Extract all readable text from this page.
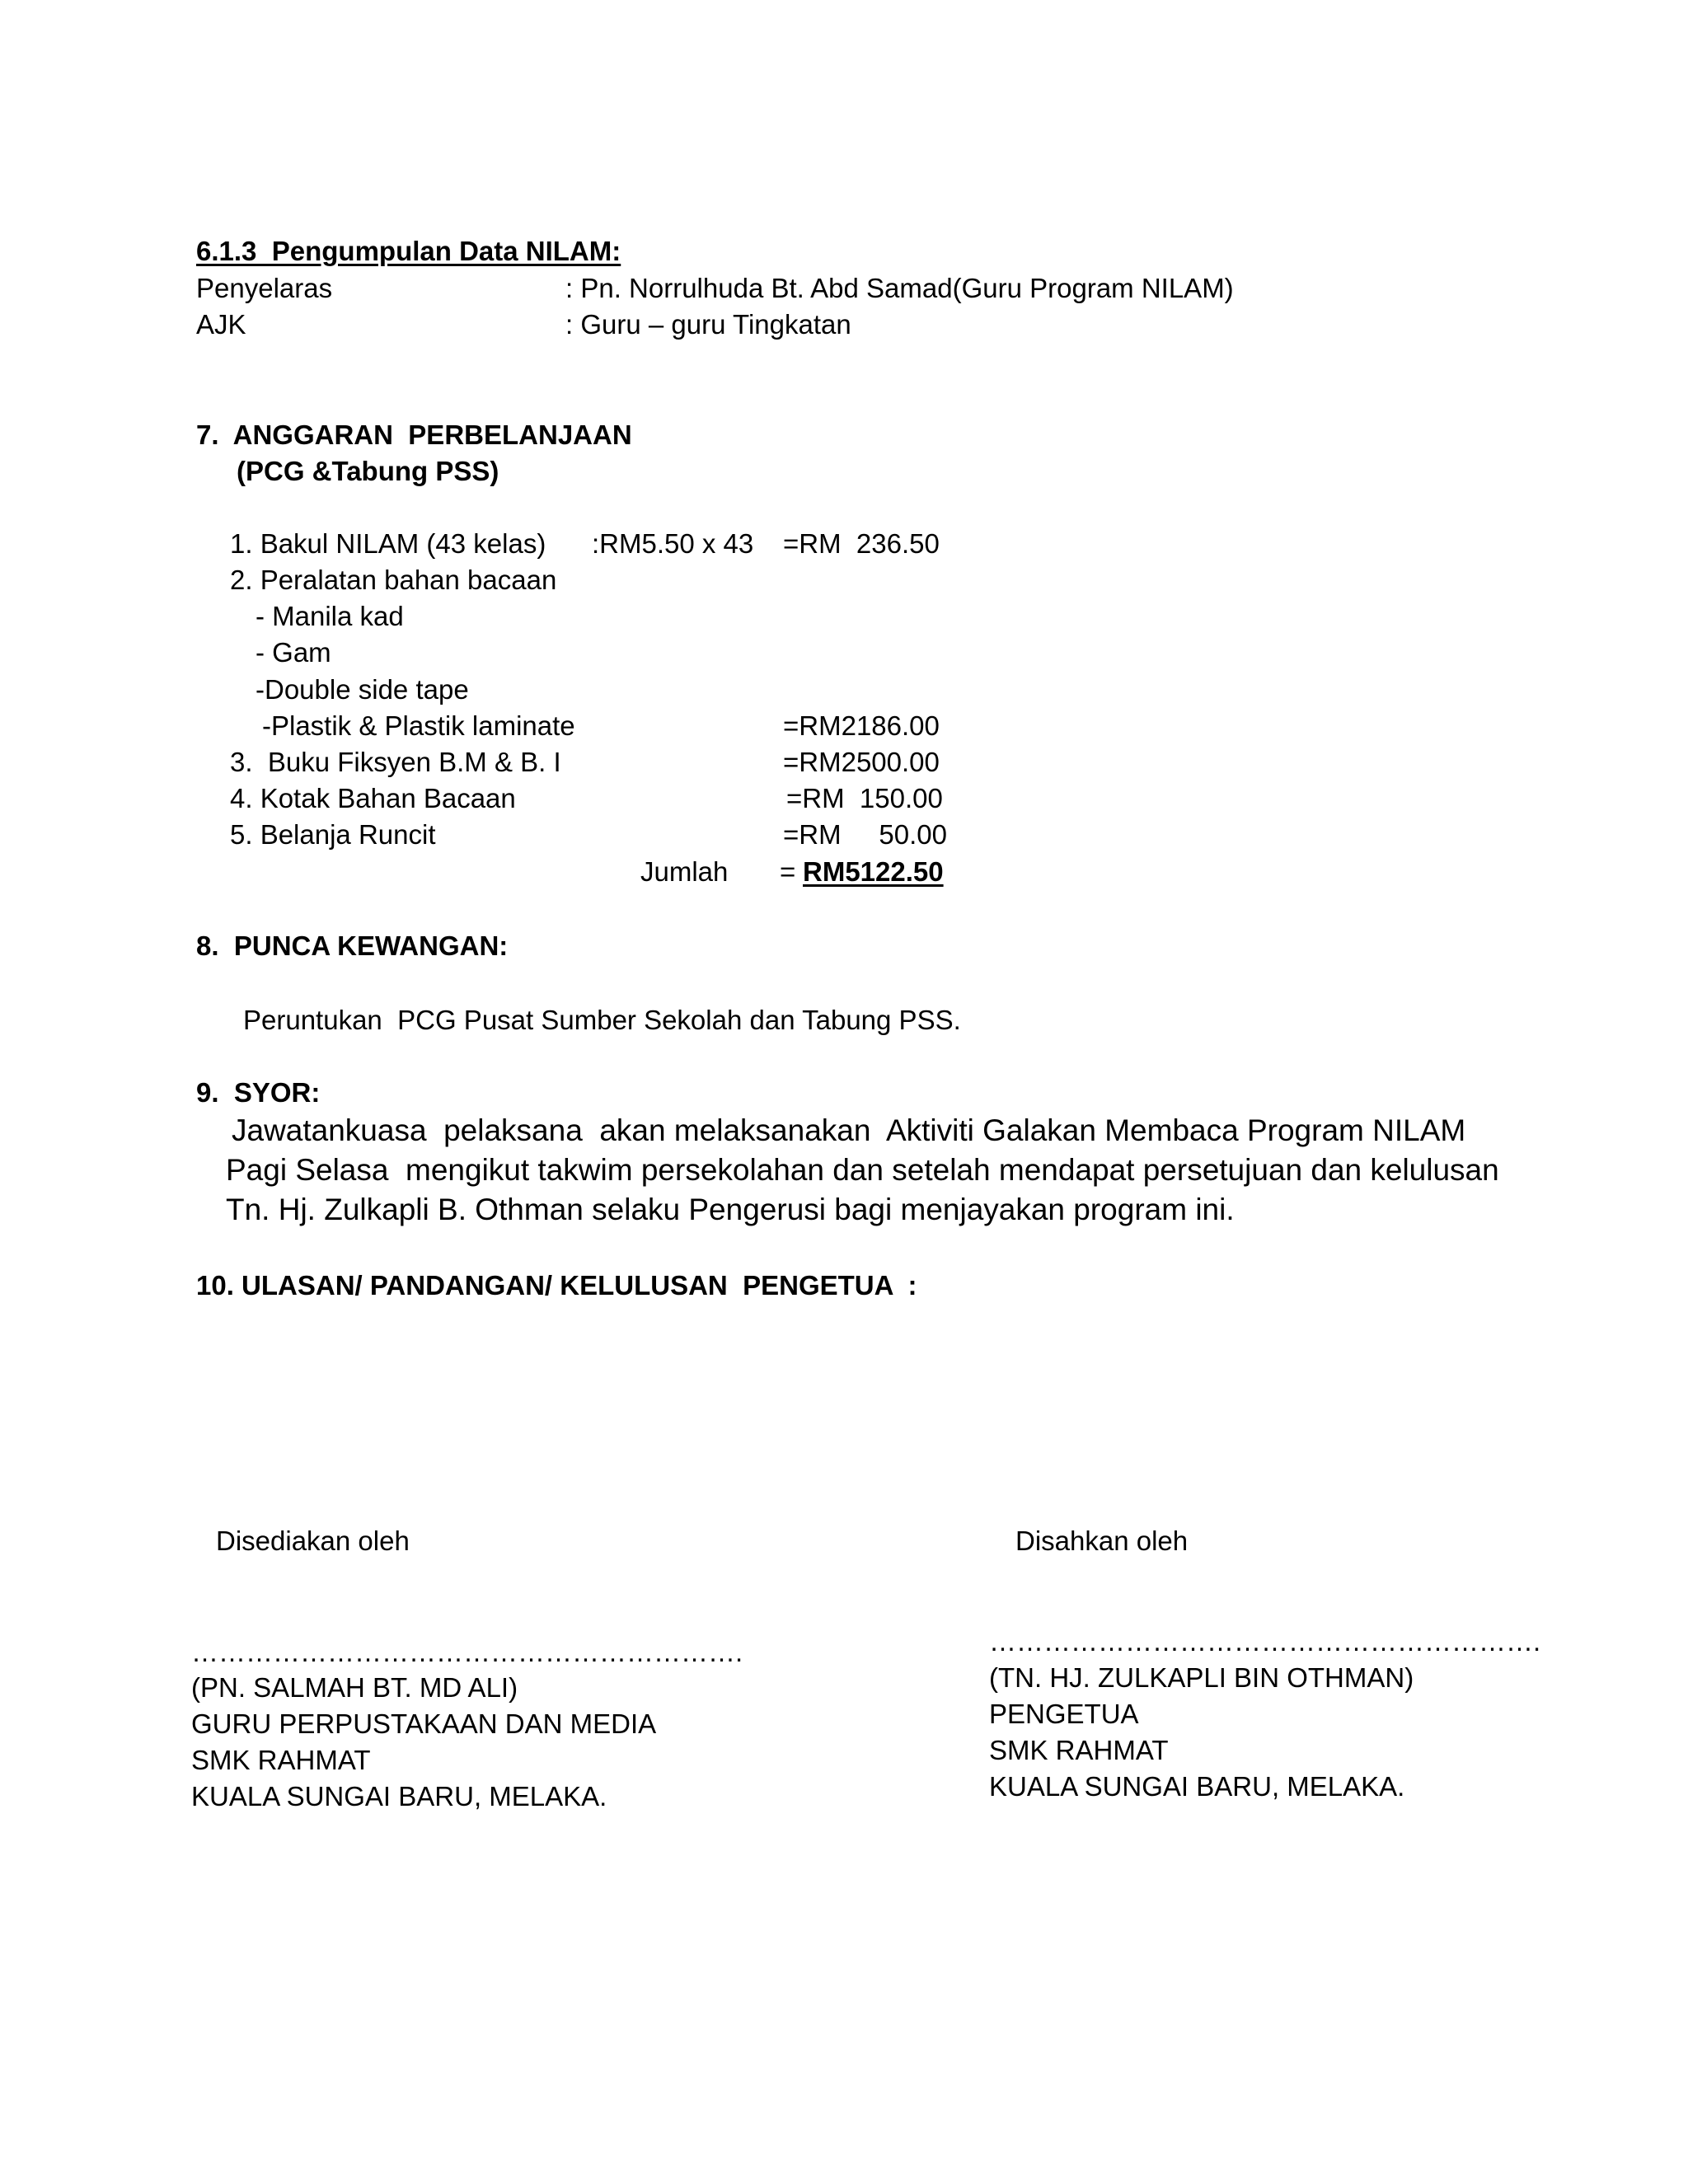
6.1.3  Pengumpulan Data NILAM:
Penyelaras	: Pn. Norrulhuda Bt. Abd Samad(Guru Program NILAM)
AJK	: Guru – guru Tingkatan
7.  ANGGARAN  PERBELANJAAN
(PCG &Tabung PSS)
1. Bakul NILAM (43 kelas) :RM5.50 x 43 =RM  236.50
2. Peralatan bahan bacaan
- Manila kad
- Gam
-Double side tape
-Plastik & Plastik laminate	=RM2186.00
3.  Buku Fiksyen B.M & B. I	=RM2500.00
4. Kotak Bahan Bacaan	=RM  150.00
5. Belanja Runcit	=RM     50.00
Jumlah = RM5122.50
8.  PUNCA KEWANGAN:
Peruntukan  PCG Pusat Sumber Sekolah dan Tabung PSS.
9.  SYOR:
Jawatankuasa  pelaksana  akan melaksanakan  Aktiviti Galakan Membaca Program NILAM
Pagi Selasa  mengikut takwim persekolahan dan setelah mendapat persetujuan dan kelulusan
Tn. Hj. Zulkapli B. Othman selaku Pengerusi bagi menjayakan program ini.
10. ULASAN/ PANDANGAN/ KELULUSAN  PENGETUA  :
Disediakan oleh
…………………………………………………….
(PN. SALMAH BT. MD ALI)
GURU PERPUSTAKAAN DAN MEDIA
SMK RAHMAT
KUALA SUNGAI BARU, MELAKA.
Disahkan oleh
…………………………………………………….
(TN. HJ. ZULKAPLI BIN OTHMAN)
PENGETUA
SMK RAHMAT
KUALA SUNGAI BARU, MELAKA.
